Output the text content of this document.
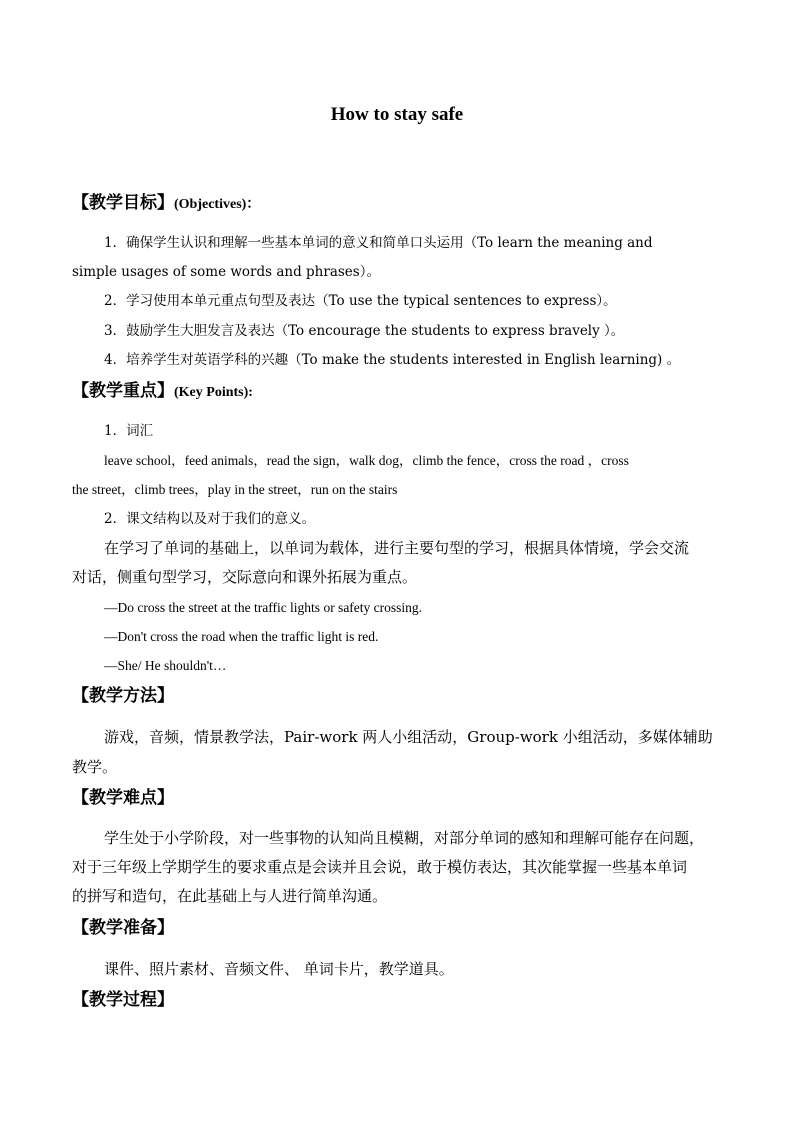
How to stay safe
【教学目标】(Objectives)：
1．确保学生认识和理解一些基本单词的意义和简单口头运用（To learn the meaning and
simple usages of some words and phrases）。
2．学习使用本单元重点句型及表达（To use the typical sentences to express）。
3．鼓励学生大胆发言及表达（To encourage the students to express bravely ）。
4．培养学生对英语学科的兴趣（To make the students interested in English learning) 。
【教学重点】(Key Points):
1．词汇
leave school，feed animals，read the sign，walk dog，climb the fence，cross the road ，cross
the street，climb trees，play in the street，run on the stairs
2．课文结构以及对于我们的意义。
在学习了单词的基础上，以单词为载体，进行主要句型的学习，根据具体情境，学会交流
对话，侧重句型学习，交际意向和课外拓展为重点。
—Do cross the street at the traffic lights or safety crossing.
—Don't cross the road when the traffic light is red.
—She/ He shouldn't…
【教学方法】
游戏，音频，情景教学法，Pair-work 两人小组活动，Group-work 小组活动，多媒体辅助
教学。
【教学难点】
学生处于小学阶段，对一些事物的认知尚且模糊，对部分单词的感知和理解可能存在问题，
对于三年级上学期学生的要求重点是会读并且会说，敢于模仿表达，其次能掌握一些基本单词
的拼写和造句，在此基础上与人进行简单沟通。
【教学准备】
课件、照片素材、音频文件、 单词卡片，教学道具。
【教学过程】
